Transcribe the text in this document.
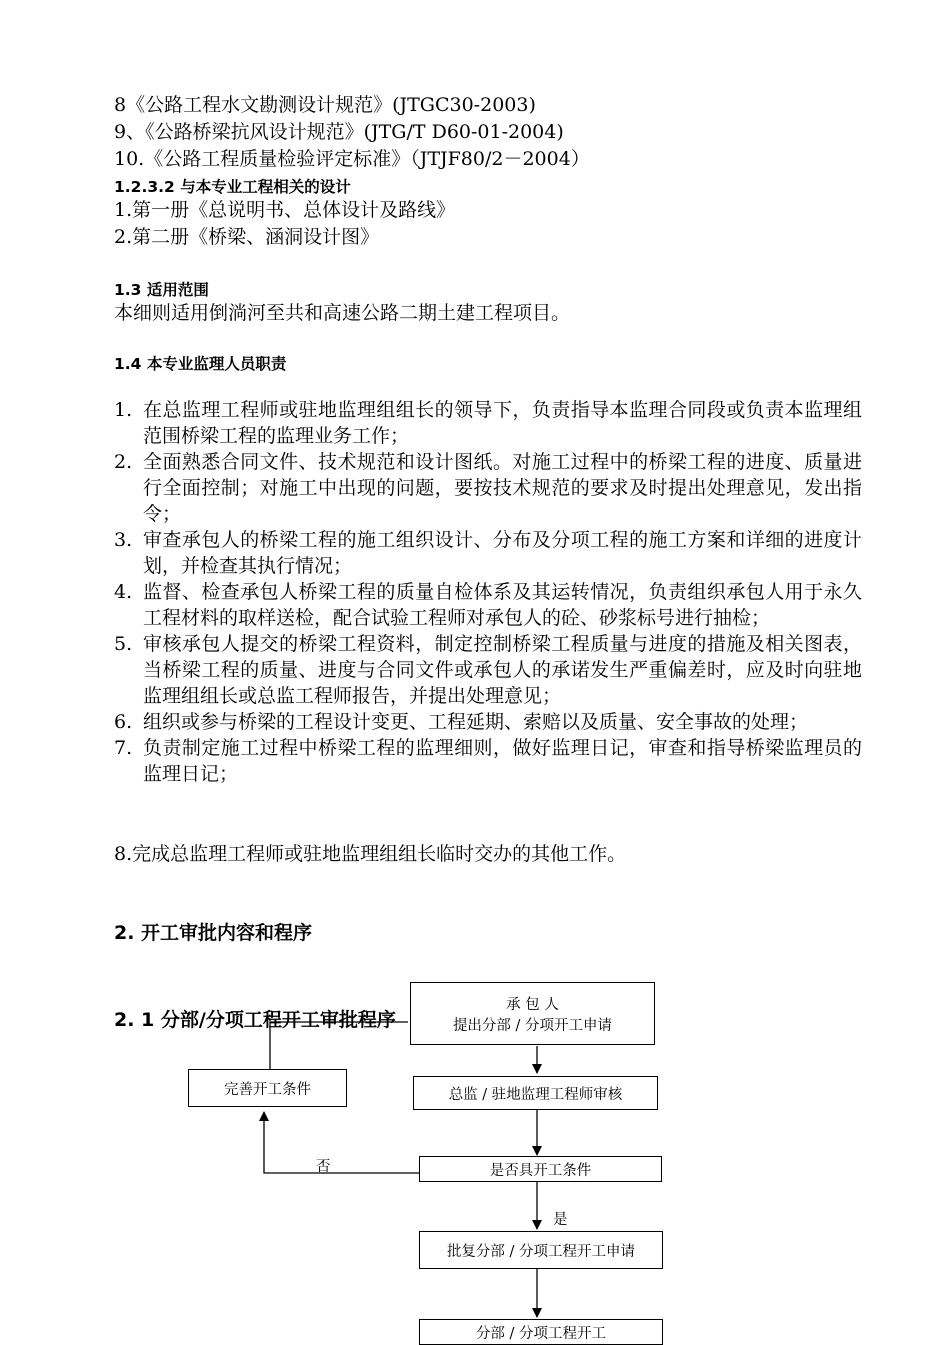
8《公路工程水文勘测设计规范》(JTGC30-2003)
9、《公路桥梁抗风设计规范》(JTG/T D60-01-2004)
10.《公路工程质量检验评定标准》（JTJF80/2－2004）
1.2.3.2 与本专业工程相关的设计
1.第一册《总说明书、总体设计及路线》
2.第二册《桥梁、涵洞设计图》
1.3 适用范围
本细则适用倒淌河至共和高速公路二期土建工程项目。
1.4 本专业监理人员职责
1. 在总监理工程师或驻地监理组组长的领导下，负责指导本监理合同段或负责本监理组范围桥梁工程的监理业务工作；
2. 全面熟悉合同文件、技术规范和设计图纸。对施工过程中的桥梁工程的进度、质量进行全面控制；对施工中出现的问题，要按技术规范的要求及时提出处理意见，发出指令；
3. 审查承包人的桥梁工程的施工组织设计、分布及分项工程的施工方案和详细的进度计划，并检查其执行情况；
4. 监督、检查承包人桥梁工程的质量自检体系及其运转情况，负责组织承包人用于永久工程材料的取样送检，配合试验工程师对承包人的砼、砂浆标号进行抽检；
5. 审核承包人提交的桥梁工程资料，制定控制桥梁工程质量与进度的措施及相关图表，当桥梁工程的质量、进度与合同文件或承包人的承诺发生严重偏差时，应及时向驻地监理组组长或总监工程师报告，并提出处理意见；
6. 组织或参与桥梁的工程设计变更、工程延期、索赔以及质量、安全事故的处理；
7. 负责制定施工过程中桥梁工程的监理细则，做好监理日记，审查和指导桥梁监理员的监理日记；
8.完成总监理工程师或驻地监理组组长临时交办的其他工作。
2. 开工审批内容和程序
2. 1 分部/分项工程开工审批程序
承 包 人
提出分部 / 分项开工申请
总监 / 驻地监理工程师审核
完善开工条件
是否具开工条件
批复分部 / 分项工程开工申请
分部 / 分项工程开工
否
是
